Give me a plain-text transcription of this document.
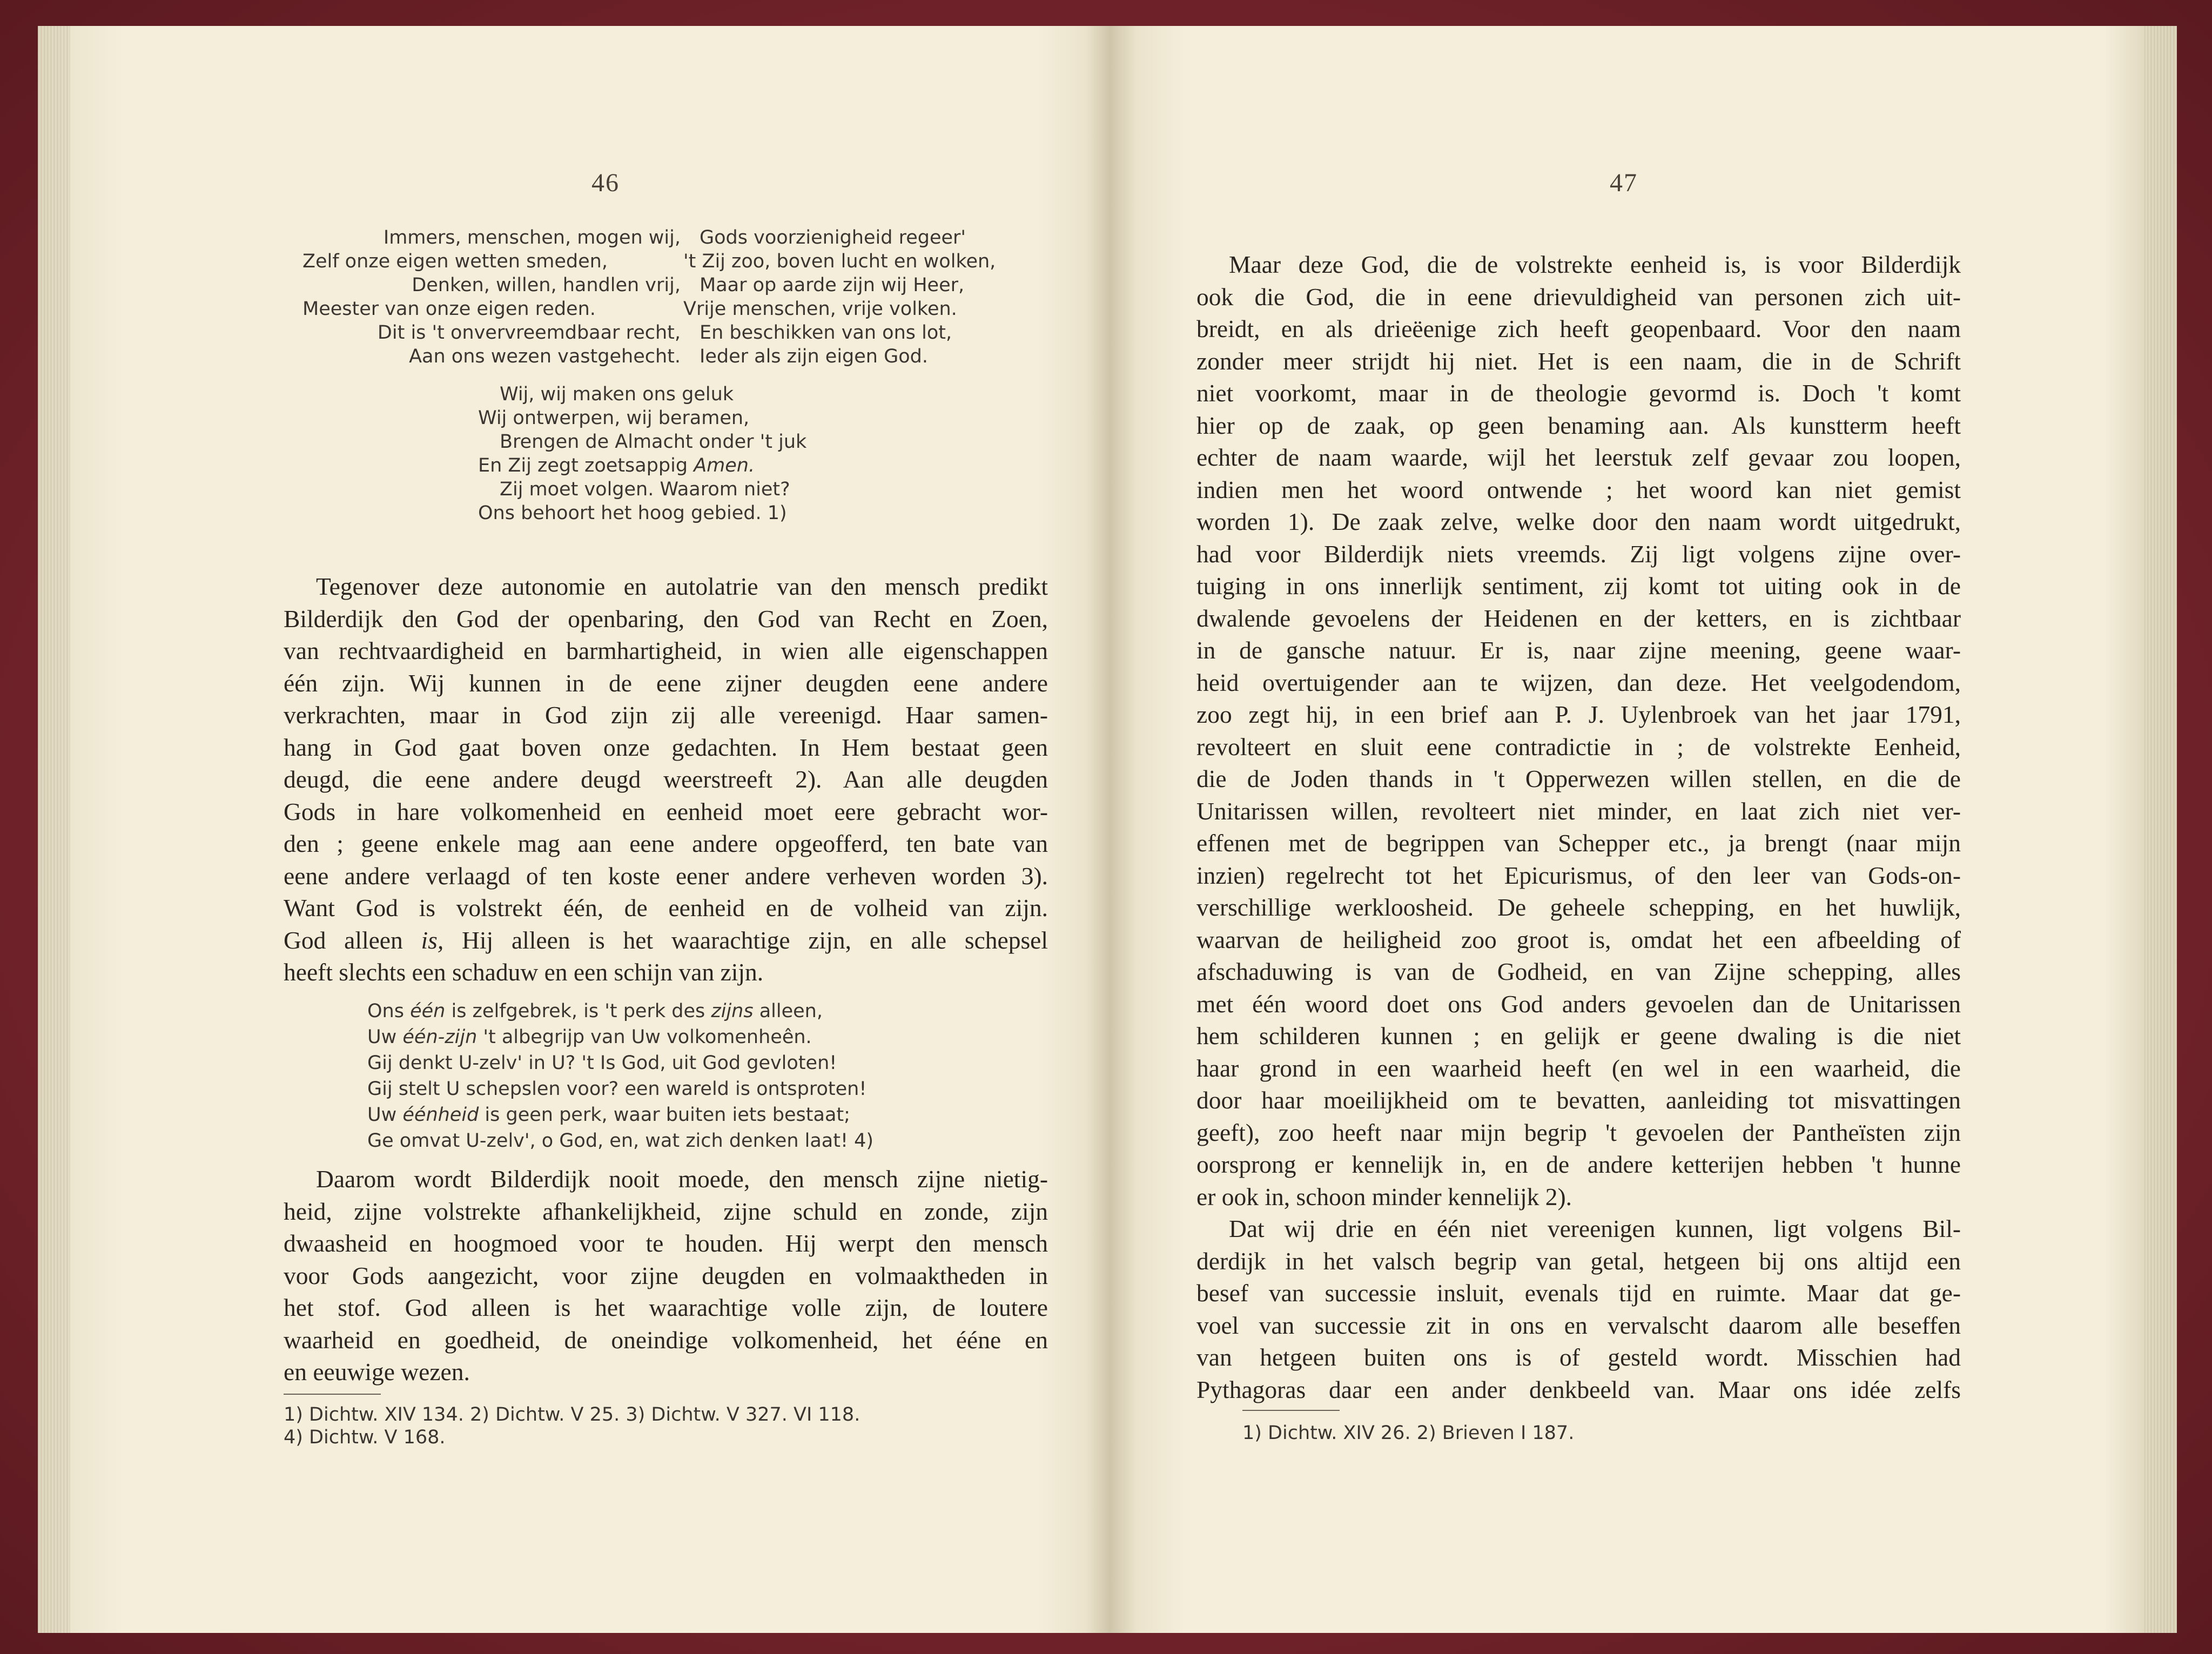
46
Immers, menschen, mogen wij,
Zelf onze eigen wetten smeden,
Denken, willen, handlen vrij,
Meester van onze eigen reden.
Dit is 't onvervreemdbaar recht,
Aan ons wezen vastgehecht.
Gods voorzienigheid regeer'
't Zij zoo, boven lucht en wolken,
Maar op aarde zijn wij Heer,
Vrije menschen, vrije volken.
En beschikken van ons lot,
Ieder als zijn eigen God.
Wij, wij maken ons geluk
Wij ontwerpen, wij beramen,
Brengen de Almacht onder 't juk
En Zij zegt zoetsappig Amen.
Zij moet volgen. Waarom niet?
Ons behoort het hoog gebied. 1)
Tegenover deze autonomie en autolatrie van den mensch predikt
Bilderdijk den God der openbaring, den God van Recht en Zoen,
van rechtvaardigheid en barmhartigheid, in wien alle eigenschappen
één zijn. Wij kunnen in de eene zijner deugden eene andere
verkrachten, maar in God zijn zij alle vereenigd. Haar samen-
hang in God gaat boven onze gedachten. In Hem bestaat geen
deugd, die eene andere deugd weerstreeft 2). Aan alle deugden
Gods in hare volkomenheid en eenheid moet eere gebracht wor-
den ; geene enkele mag aan eene andere opgeofferd, ten bate van
eene andere verlaagd of ten koste eener andere verheven worden 3).
Want God is volstrekt één, de eenheid en de volheid van zijn.
God alleen is, Hij alleen is het waarachtige zijn, en alle schepsel
heeft slechts een schaduw en een schijn van zijn.
Ons één is zelfgebrek, is 't perk des zijns alleen,
Uw één-zijn 't albegrijp van Uw volkomenheên.
Gij denkt U-zelv' in U? 't Is God, uit God gevloten!
Gij stelt U schepslen voor? een wareld is ontsproten!
Uw éénheid is geen perk, waar buiten iets bestaat;
Ge omvat U-zelv', o God, en, wat zich denken laat! 4)
Daarom wordt Bilderdijk nooit moede, den mensch zijne nietig-
heid, zijne volstrekte afhankelijkheid, zijne schuld en zonde, zijn
dwaasheid en hoogmoed voor te houden. Hij werpt den mensch
voor Gods aangezicht, voor zijne deugden en volmaaktheden in
het stof. God alleen is het waarachtige volle zijn, de loutere
waarheid en goedheid, de oneindige volkomenheid, het ééne en
en eeuwige wezen.
1) Dichtw. XIV 134. 2) Dichtw. V 25. 3) Dichtw. V 327. VI 118.
4) Dichtw. V 168.
47
Maar deze God, die de volstrekte eenheid is, is voor Bilderdijk
ook die God, die in eene drievuldigheid van personen zich uit-
breidt, en als drieëenige zich heeft geopenbaard. Voor den naam
zonder meer strijdt hij niet. Het is een naam, die in de Schrift
niet voorkomt, maar in de theologie gevormd is. Doch 't komt
hier op de zaak, op geen benaming aan. Als kunstterm heeft
echter de naam waarde, wijl het leerstuk zelf gevaar zou loopen,
indien men het woord ontwende ; het woord kan niet gemist
worden 1). De zaak zelve, welke door den naam wordt uitgedrukt,
had voor Bilderdijk niets vreemds. Zij ligt volgens zijne over-
tuiging in ons innerlijk sentiment, zij komt tot uiting ook in de
dwalende gevoelens der Heidenen en der ketters, en is zichtbaar
in de gansche natuur. Er is, naar zijne meening, geene waar-
heid overtuigender aan te wijzen, dan deze. Het veelgodendom,
zoo zegt hij, in een brief aan P. J. Uylenbroek van het jaar 1791,
revolteert en sluit eene contradictie in ; de volstrekte Eenheid,
die de Joden thands in 't Opperwezen willen stellen, en die de
Unitarissen willen, revolteert niet minder, en laat zich niet ver-
effenen met de begrippen van Schepper etc., ja brengt (naar mijn
inzien) regelrecht tot het Epicurismus, of den leer van Gods-on-
verschillige werkloosheid. De geheele schepping, en het huwlijk,
waarvan de heiligheid zoo groot is, omdat het een afbeelding of
afschaduwing is van de Godheid, en van Zijne schepping, alles
met één woord doet ons God anders gevoelen dan de Unitarissen
hem schilderen kunnen ; en gelijk er geene dwaling is die niet
haar grond in een waarheid heeft (en wel in een waarheid, die
door haar moeilijkheid om te bevatten, aanleiding tot misvattingen
geeft), zoo heeft naar mijn begrip 't gevoelen der Pantheïsten zijn
oorsprong er kennelijk in, en de andere ketterijen hebben 't hunne
er ook in, schoon minder kennelijk 2).
Dat wij drie en één niet vereenigen kunnen, ligt volgens Bil-
derdijk in het valsch begrip van getal, hetgeen bij ons altijd een
besef van successie insluit, evenals tijd en ruimte. Maar dat ge-
voel van successie zit in ons en vervalscht daarom alle beseffen
van hetgeen buiten ons is of gesteld wordt. Misschien had
Pythagoras daar een ander denkbeeld van. Maar ons idée zelfs
1) Dichtw. XIV 26. 2) Brieven I 187.
